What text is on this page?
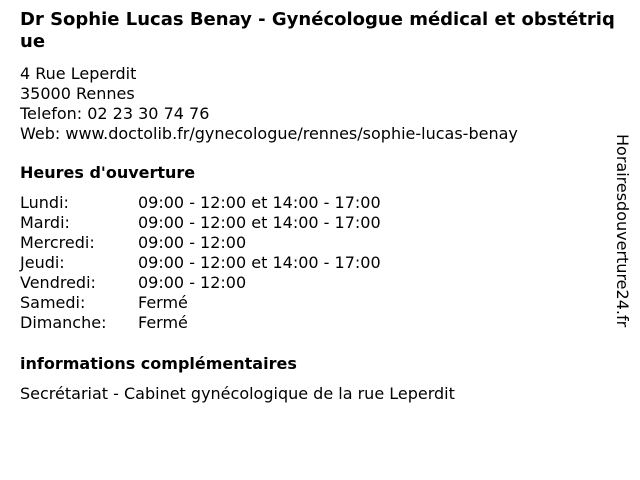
Dr Sophie Lucas Benay - Gynécologue médical et obstétrique
4 Rue Leperdit
35000 Rennes
Telefon: 02 23 30 74 76
Web: www.doctolib.fr/gynecologue/rennes/sophie-lucas-benay
Heures d'ouverture
Lundi:	09:00 - 12:00 et 14:00 - 17:00
Mardi:	09:00 - 12:00 et 14:00 - 17:00
Mercredi:	09:00 - 12:00
Jeudi:	09:00 - 12:00 et 14:00 - 17:00
Vendredi:	09:00 - 12:00
Samedi:	Fermé
Dimanche: Fermé
informations complémentaires
Secrétariat - Cabinet gynécologique de la rue Leperdit
Horairesdouverture24.fr
